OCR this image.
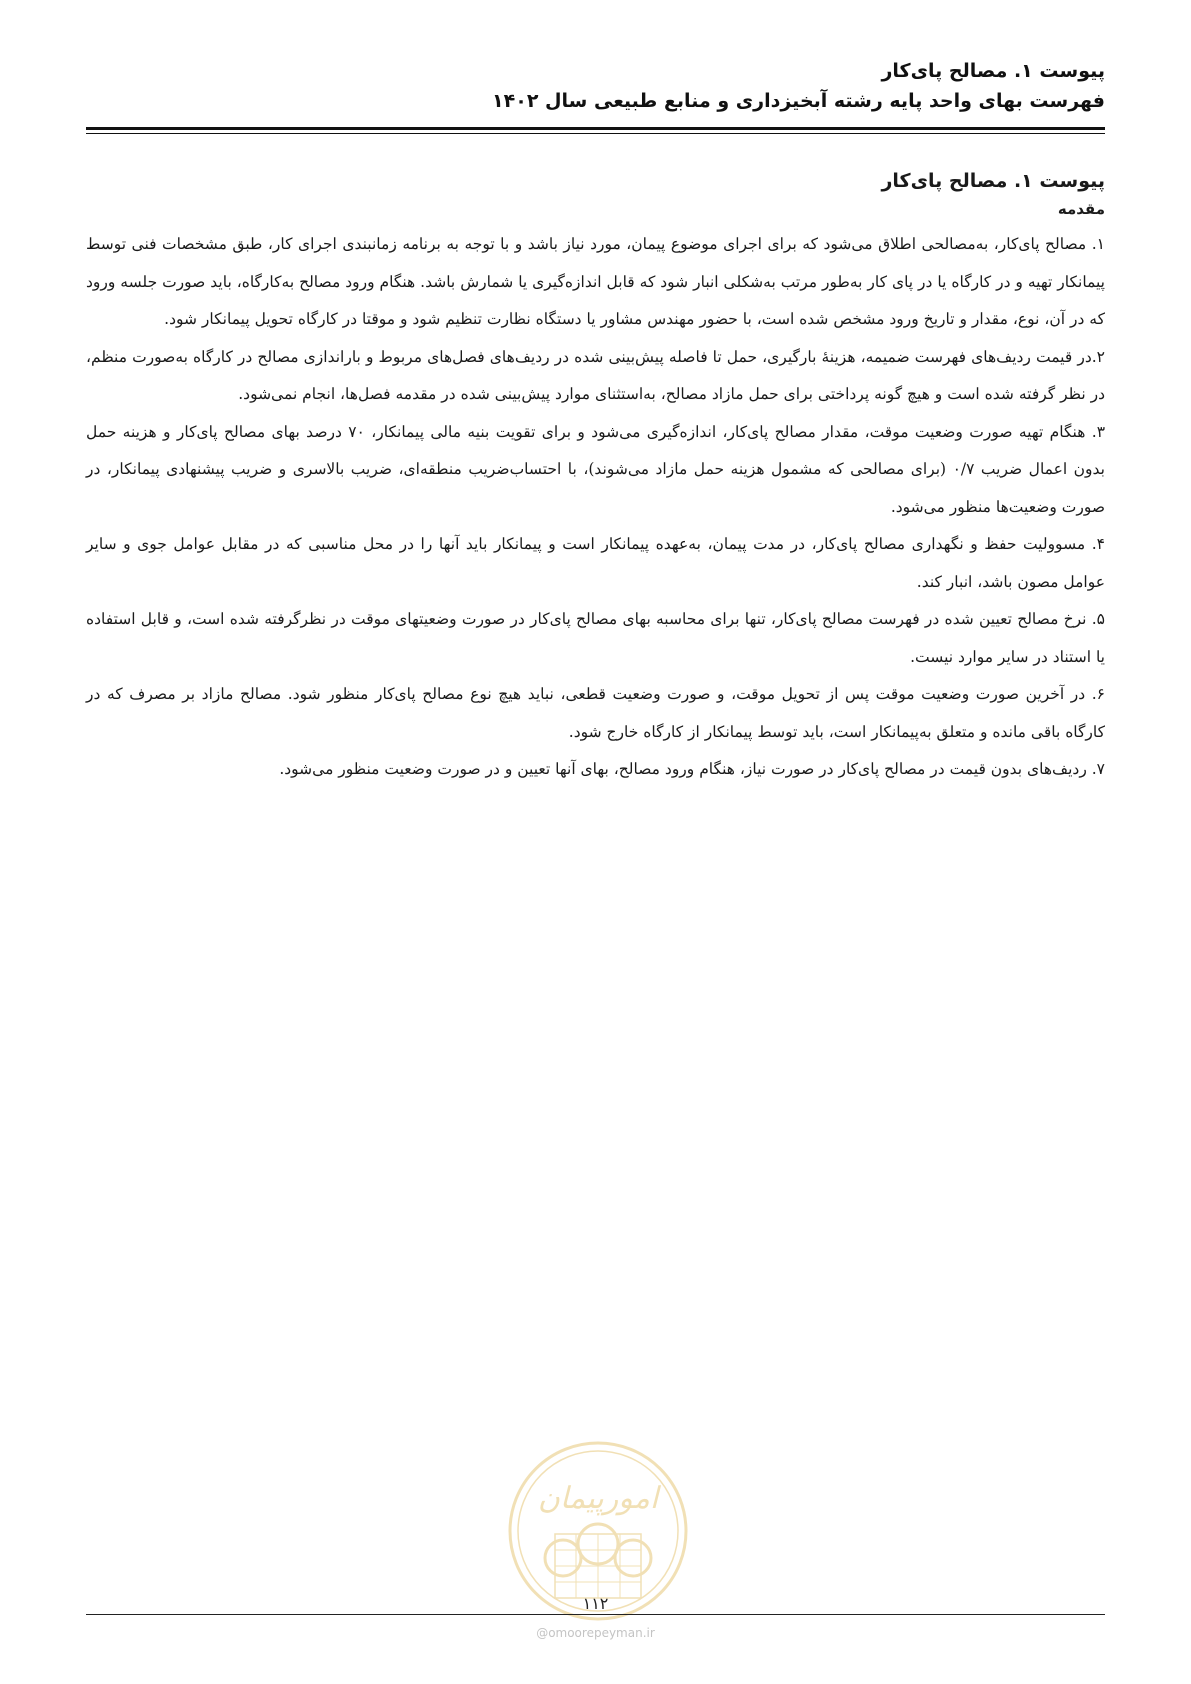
پیوست ۱. مصالح پای‌کار
فهرست بهای واحد پایه رشته آبخیزداری و منابع طبیعی سال ۱۴۰۲
پیوست ۱. مصالح پای‌کار
مقدمه

۱. مصالح پای‌کار، به‌مصالحی اطلاق می‌شود که برای اجرای موضوع پیمان، مورد نیاز باشد و با توجه به برنامه زمانبندی اجرای کار، طبق مشخصات فنی توسط پیمانکار تهیه و در کارگاه یا در پای کار به‌طور مرتب به‌شکلی انبار شود که قابل اندازه‌گیری یا شمارش باشد. هنگام ورود مصالح به‌کارگاه، باید صورت جلسه ورود که در آن، نوع، مقدار و تاریخ ورود مشخص شده است، با حضور مهندس مشاور یا دستگاه نظارت تنظیم شود و موقتا در کارگاه تحویل پیمانکار شود.

۲.در قیمت ردیف‌های فهرست ضمیمه، هزینهٔ بارگیری، حمل تا فاصله پیش‌بینی شده در ردیف‌های فصل‌های مربوط و باراندازی مصالح در کارگاه به‌صورت منظم، در نظر گرفته شده است و هیچ گونه پرداختی برای حمل مازاد مصالح، به‌استثنای موارد پیش‌بینی شده در مقدمه فصل‌ها، انجام نمی‌شود.

۳. هنگام تهیه صورت وضعیت موقت، مقدار مصالح پای‌کار، اندازه‌گیری می‌شود و برای تقویت بنیه مالی پیمانکار، ۷۰ درصد بهای مصالح پای‌کار و هزینه حمل بدون اعمال ضریب ۰/۷ (برای مصالحی که مشمول هزینه حمل مازاد می‌شوند)، با احتساب‌ضریب منطقه‌ای، ضریب بالاسری و ضریب پیشنهادی پیمانکار، در صورت وضعیت‌ها منظور می‌شود.

۴. مسوولیت حفظ و نگهداری مصالح پای‌کار، در مدت پیمان، به‌عهده پیمانکار است و پیمانکار باید آنها را در محل مناسبی که در مقابل عوامل جوی و سایر عوامل مصون باشد، انبار کند.

۵. نرخ مصالح تعیین شده در فهرست مصالح پای‌کار، تنها برای محاسبه بهای مصالح پای‌کار در صورت وضعیتهای موقت در نظرگرفته شده است، و قابل استفاده یا استناد در سایر موارد نیست.

۶. در آخرین صورت وضعیت موقت پس از تحویل موقت، و صورت وضعیت قطعی، نباید هیچ نوع مصالح پای‌کار منظور شود. مصالح مازاد بر مصرف که در کارگاه باقی مانده و متعلق به‌پیمانکار است، باید توسط پیمانکار از کارگاه خارج شود.

۷. ردیف‌های بدون قیمت در مصالح پای‌کار در صورت نیاز، هنگام ورود مصالح، بهای آنها تعیین و در صورت وضعیت منظور می‌شود.

امورپیمان
۱۱۲
@omoorepeyman.ir
